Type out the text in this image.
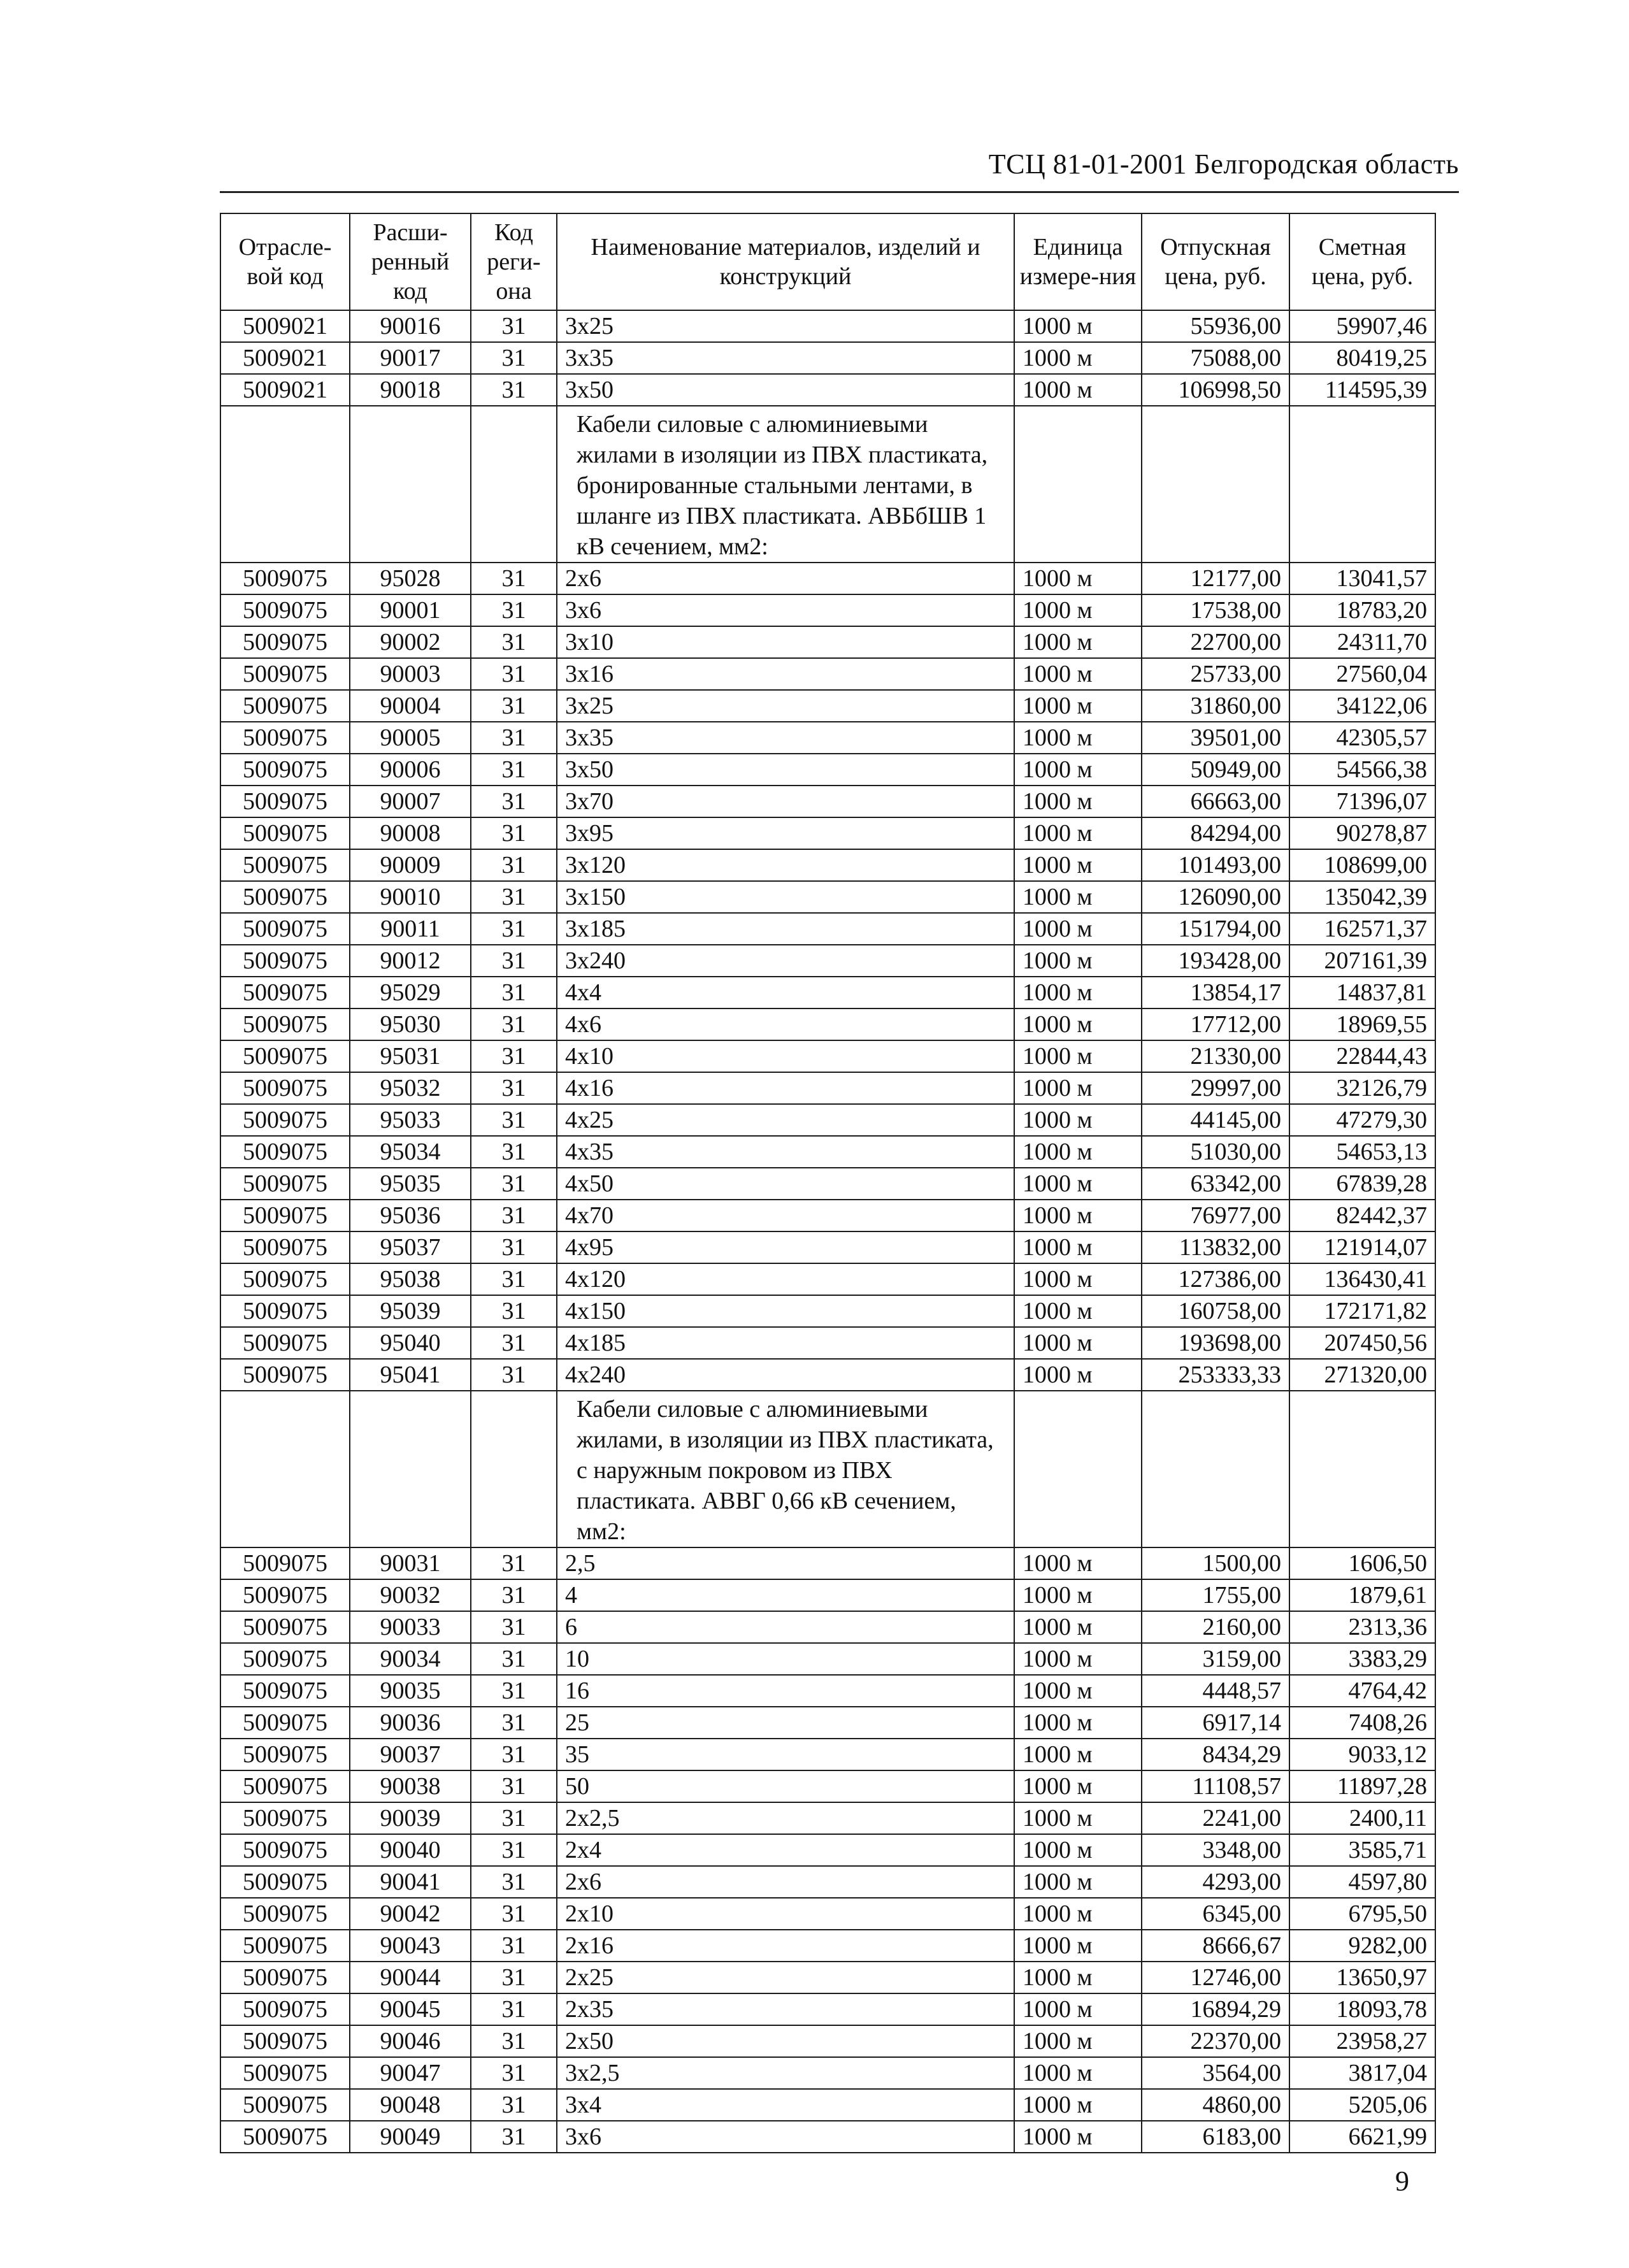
ТСЦ 81-01-2001 Белгородская область
Отрасле-вой код	Расши-ренный код	Код реги-она	Наименование материалов, изделий и конструкций	Единица измере-ния	Отпускная цена, руб.	Сметная цена, руб.
5009021	90016	31	3x25	1000 м	55936,00	59907,46
5009021	90017	31	3x35	1000 м	75088,00	80419,25
5009021	90018	31	3x50	1000 м	106998,50	114595,39
			Кабели силовые с алюминиевыми жилами в изоляции из ПВХ пластиката, бронированные стальными лентами, в шланге из ПВХ пластиката. АВБбШВ 1 кВ сечением, мм2:			
5009075	95028	31	2x6	1000 м	12177,00	13041,57
5009075	90001	31	3x6	1000 м	17538,00	18783,20
5009075	90002	31	3x10	1000 м	22700,00	24311,70
5009075	90003	31	3x16	1000 м	25733,00	27560,04
5009075	90004	31	3x25	1000 м	31860,00	34122,06
5009075	90005	31	3x35	1000 м	39501,00	42305,57
5009075	90006	31	3x50	1000 м	50949,00	54566,38
5009075	90007	31	3x70	1000 м	66663,00	71396,07
5009075	90008	31	3x95	1000 м	84294,00	90278,87
5009075	90009	31	3x120	1000 м	101493,00	108699,00
5009075	90010	31	3x150	1000 м	126090,00	135042,39
5009075	90011	31	3x185	1000 м	151794,00	162571,37
5009075	90012	31	3x240	1000 м	193428,00	207161,39
5009075	95029	31	4x4	1000 м	13854,17	14837,81
5009075	95030	31	4x6	1000 м	17712,00	18969,55
5009075	95031	31	4x10	1000 м	21330,00	22844,43
5009075	95032	31	4x16	1000 м	29997,00	32126,79
5009075	95033	31	4x25	1000 м	44145,00	47279,30
5009075	95034	31	4x35	1000 м	51030,00	54653,13
5009075	95035	31	4x50	1000 м	63342,00	67839,28
5009075	95036	31	4x70	1000 м	76977,00	82442,37
5009075	95037	31	4x95	1000 м	113832,00	121914,07
5009075	95038	31	4x120	1000 м	127386,00	136430,41
5009075	95039	31	4x150	1000 м	160758,00	172171,82
5009075	95040	31	4x185	1000 м	193698,00	207450,56
5009075	95041	31	4x240	1000 м	253333,33	271320,00
			Кабели силовые с алюминиевыми жилами, в изоляции из ПВХ пластиката, с наружным покровом из ПВХ пластиката. АВВГ 0,66 кВ сечением, мм2:			
5009075	90031	31	2,5	1000 м	1500,00	1606,50
5009075	90032	31	4	1000 м	1755,00	1879,61
5009075	90033	31	6	1000 м	2160,00	2313,36
5009075	90034	31	10	1000 м	3159,00	3383,29
5009075	90035	31	16	1000 м	4448,57	4764,42
5009075	90036	31	25	1000 м	6917,14	7408,26
5009075	90037	31	35	1000 м	8434,29	9033,12
5009075	90038	31	50	1000 м	11108,57	11897,28
5009075	90039	31	2x2,5	1000 м	2241,00	2400,11
5009075	90040	31	2x4	1000 м	3348,00	3585,71
5009075	90041	31	2x6	1000 м	4293,00	4597,80
5009075	90042	31	2x10	1000 м	6345,00	6795,50
5009075	90043	31	2x16	1000 м	8666,67	9282,00
5009075	90044	31	2x25	1000 м	12746,00	13650,97
5009075	90045	31	2x35	1000 м	16894,29	18093,78
5009075	90046	31	2x50	1000 м	22370,00	23958,27
5009075	90047	31	3x2,5	1000 м	3564,00	3817,04
5009075	90048	31	3x4	1000 м	4860,00	5205,06
5009075	90049	31	3x6	1000 м	6183,00	6621,99
9
